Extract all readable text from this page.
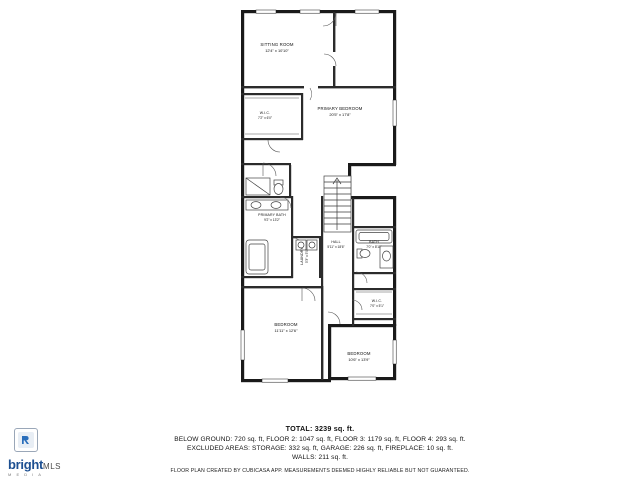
SITTING ROOM
12'4" x 10'10"
PRIMARY BEDROOM
20'5" x 17'8"
W.I.C.
7'2" x 6'0"
PRIMARY BATH
9'2" x 13'2"
HALL
5'11" x 18'6"
BATH
7'0" x 8'11"
LAUNDRY 5'3" x 5'9"
W.I.C.
7'0" x 5'1"
BEDROOM
11'11" x 12'6"
BEDROOM
10'6" x 13'9"
TOTAL: 3239 sq. ft.
BELOW GROUND: 720 sq. ft, FLOOR 2: 1047 sq. ft, FLOOR 3: 1179 sq. ft, FLOOR 4: 293 sq. ft.
EXCLUDED AREAS: STORAGE: 332 sq. ft, GARAGE: 226 sq. ft, FIREPLACE: 10 sq. ft.
WALLS: 211 sq. ft.
FLOOR PLAN CREATED BY CUBICASA APP. MEASUREMENTS DEEMED HIGHLY RELIABLE BUT NOT GUARANTEED.
brightMLS
M E D I A
